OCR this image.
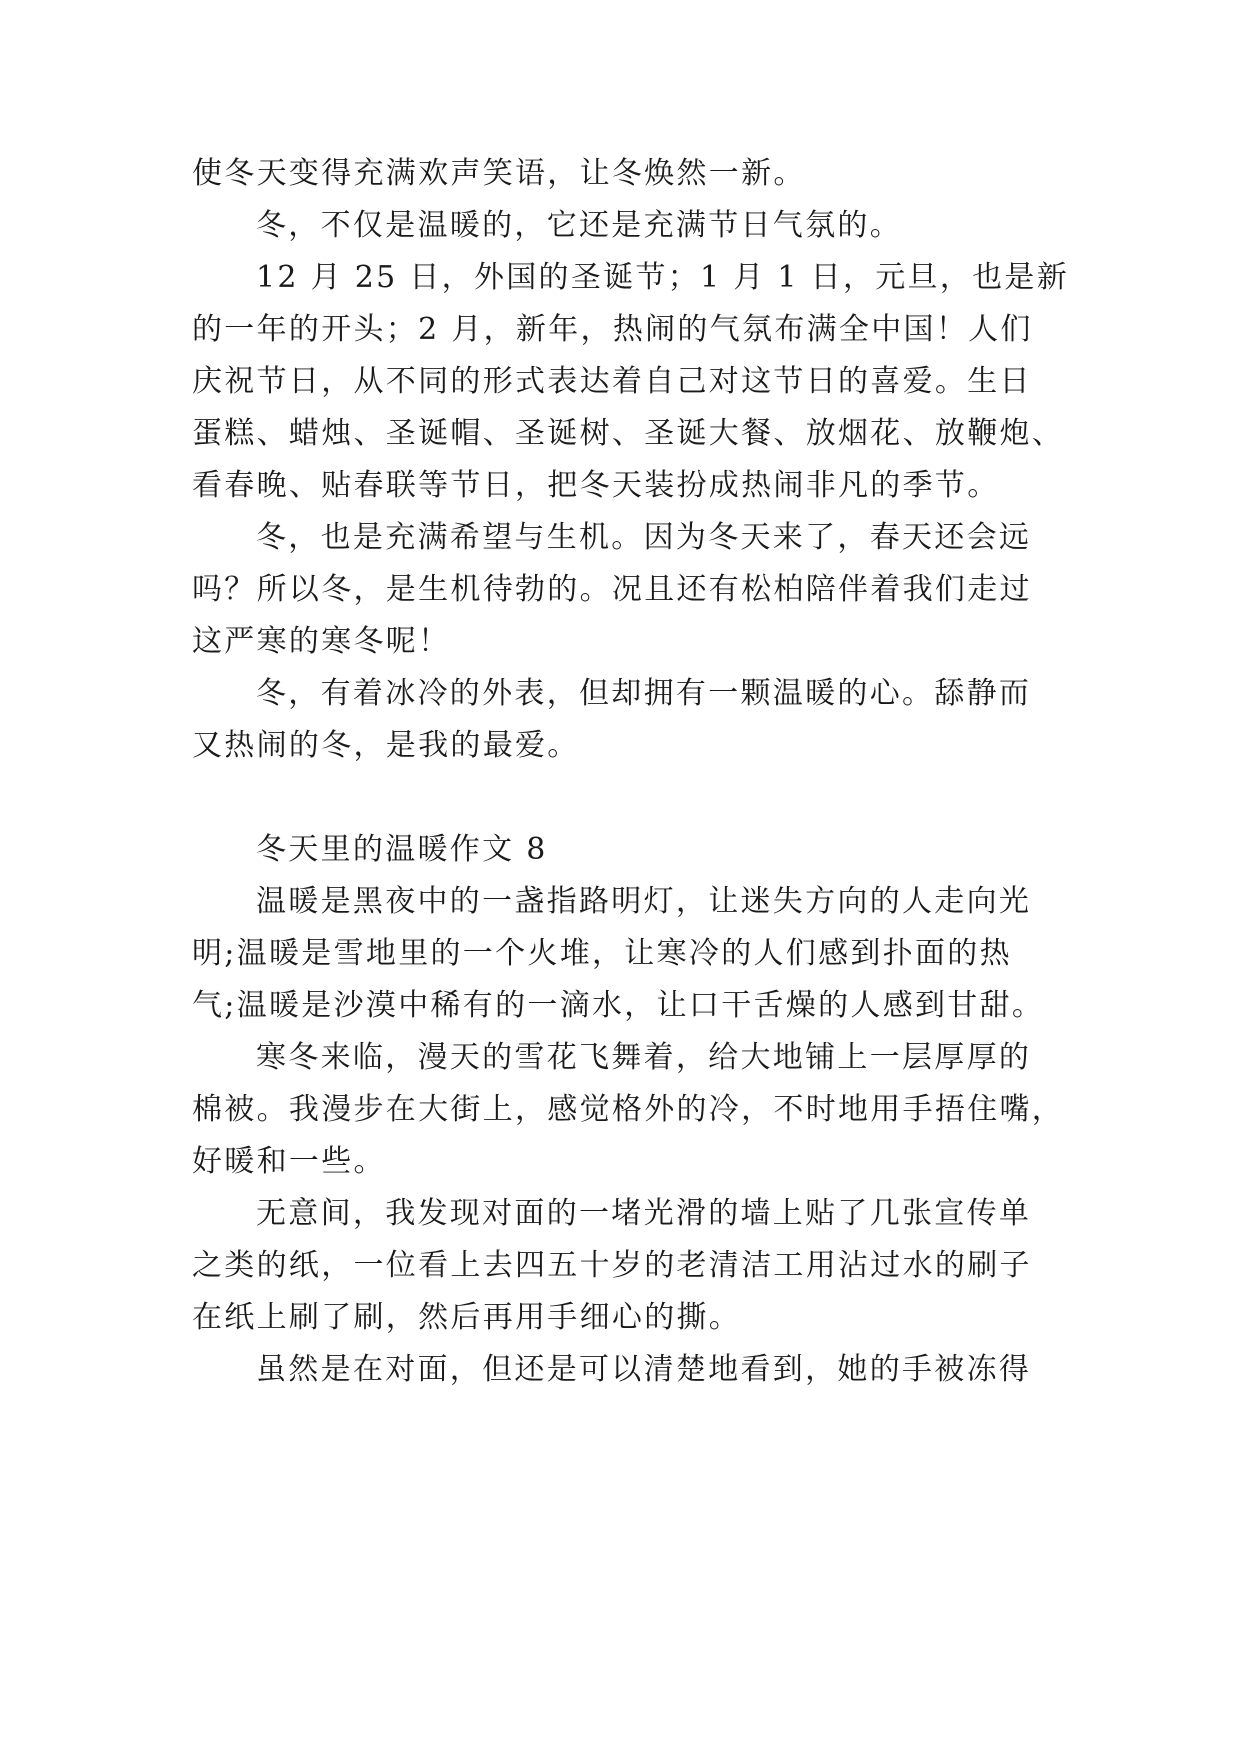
使冬天变得充满欢声笑语，让冬焕然一新。
冬，不仅是温暖的，它还是充满节日气氛的。
12 月 25 日，外国的圣诞节；1 月 1 日，元旦，也是新
的一年的开头；2 月，新年，热闹的气氛布满全中国！人们
庆祝节日，从不同的形式表达着自己对这节日的喜爱。生日
蛋糕、蜡烛、圣诞帽、圣诞树、圣诞大餐、放烟花、放鞭炮、
看春晚、贴春联等节日，把冬天装扮成热闹非凡的季节。
冬，也是充满希望与生机。因为冬天来了，春天还会远
吗？所以冬，是生机待勃的。况且还有松柏陪伴着我们走过
这严寒的寒冬呢！
冬，有着冰冷的外表，但却拥有一颗温暖的心。舔静而
又热闹的冬，是我的最爱。
冬天里的温暖作文 8
温暖是黑夜中的一盏指路明灯，让迷失方向的人走向光
明;温暖是雪地里的一个火堆，让寒冷的人们感到扑面的热
气;温暖是沙漠中稀有的一滴水，让口干舌燥的人感到甘甜。
寒冬来临，漫天的雪花飞舞着，给大地铺上一层厚厚的
棉被。我漫步在大街上，感觉格外的冷，不时地用手捂住嘴，
好暖和一些。
无意间，我发现对面的一堵光滑的墙上贴了几张宣传单
之类的纸，一位看上去四五十岁的老清洁工用沾过水的刷子
在纸上刷了刷，然后再用手细心的撕。
虽然是在对面，但还是可以清楚地看到，她的手被冻得
